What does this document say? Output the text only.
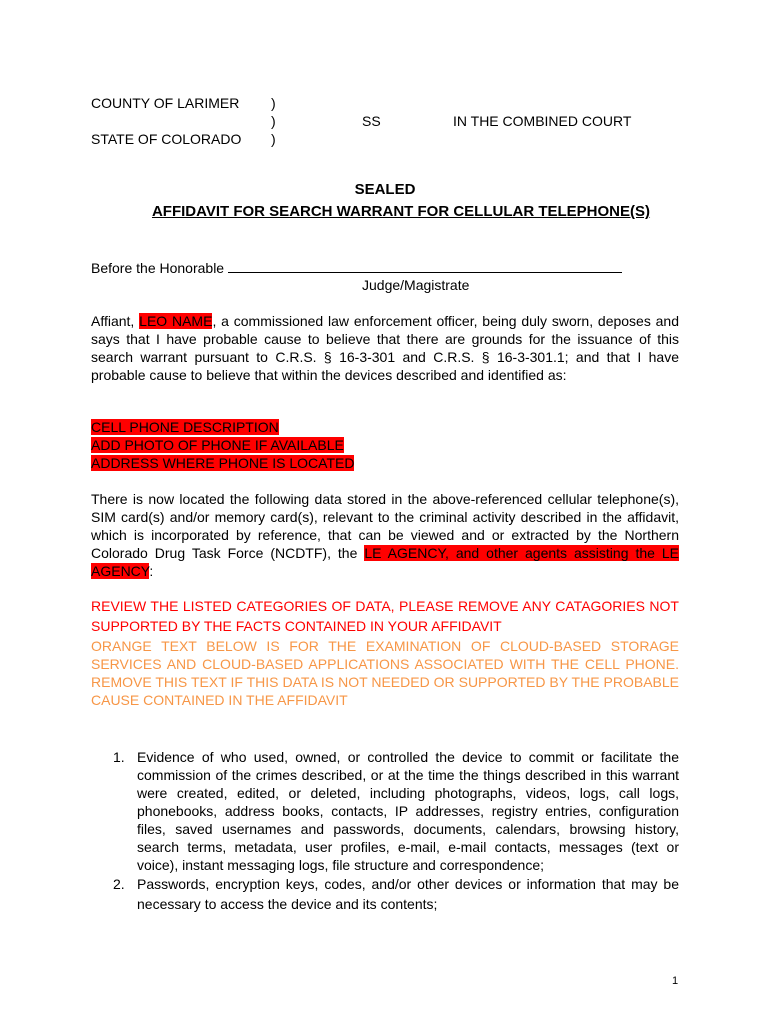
COUNTY OF LARIMER )
)	SS	IN THE COMBINED COURT
STATE OF COLORADO )
SEALED
AFFIDAVIT FOR SEARCH WARRANT FOR CELLULAR TELEPHONE(S)
Before the Honorable
Judge/Magistrate
Affiant, LEO NAME, a commissioned law enforcement officer, being duly sworn, deposes and says that I have probable cause to believe that there are grounds for the issuance of this search warrant pursuant to C.R.S. § 16-3-301 and C.R.S. § 16-3-301.1; and that I have probable cause to believe that within the devices described and identified as:
CELL PHONE DESCRIPTION
ADD PHOTO OF PHONE IF AVAILABLE
ADDRESS WHERE PHONE IS LOCATED
There is now located the following data stored in the above-referenced cellular telephone(s), SIM card(s) and/or memory card(s), relevant to the criminal activity described in the affidavit, which is incorporated by reference, that can be viewed and or extracted by the Northern Colorado Drug Task Force (NCDTF), the LE AGENCY, and other agents assisting the LE AGENCY:
REVIEW THE LISTED CATEGORIES OF DATA, PLEASE REMOVE ANY CATAGORIES NOT SUPPORTED BY THE FACTS CONTAINED IN YOUR AFFIDAVIT
ORANGE TEXT BELOW IS FOR THE EXAMINATION OF CLOUD-BASED STORAGE SERVICES AND CLOUD-BASED APPLICATIONS ASSOCIATED WITH THE CELL PHONE. REMOVE THIS TEXT IF THIS DATA IS NOT NEEDED OR SUPPORTED BY THE PROBABLE CAUSE CONTAINED IN THE AFFIDAVIT
1. Evidence of who used, owned, or controlled the device to commit or facilitate the commission of the crimes described, or at the time the things described in this warrant were created, edited, or deleted, including photographs, videos, logs, call logs, phonebooks, address books, contacts, IP addresses, registry entries, configuration files, saved usernames and passwords, documents, calendars, browsing history, search terms, metadata, user profiles, e-mail, e-mail contacts, messages (text or voice), instant messaging logs, file structure and correspondence;
2. Passwords, encryption keys, codes, and/or other devices or information that may be necessary to access the device and its contents;
1
